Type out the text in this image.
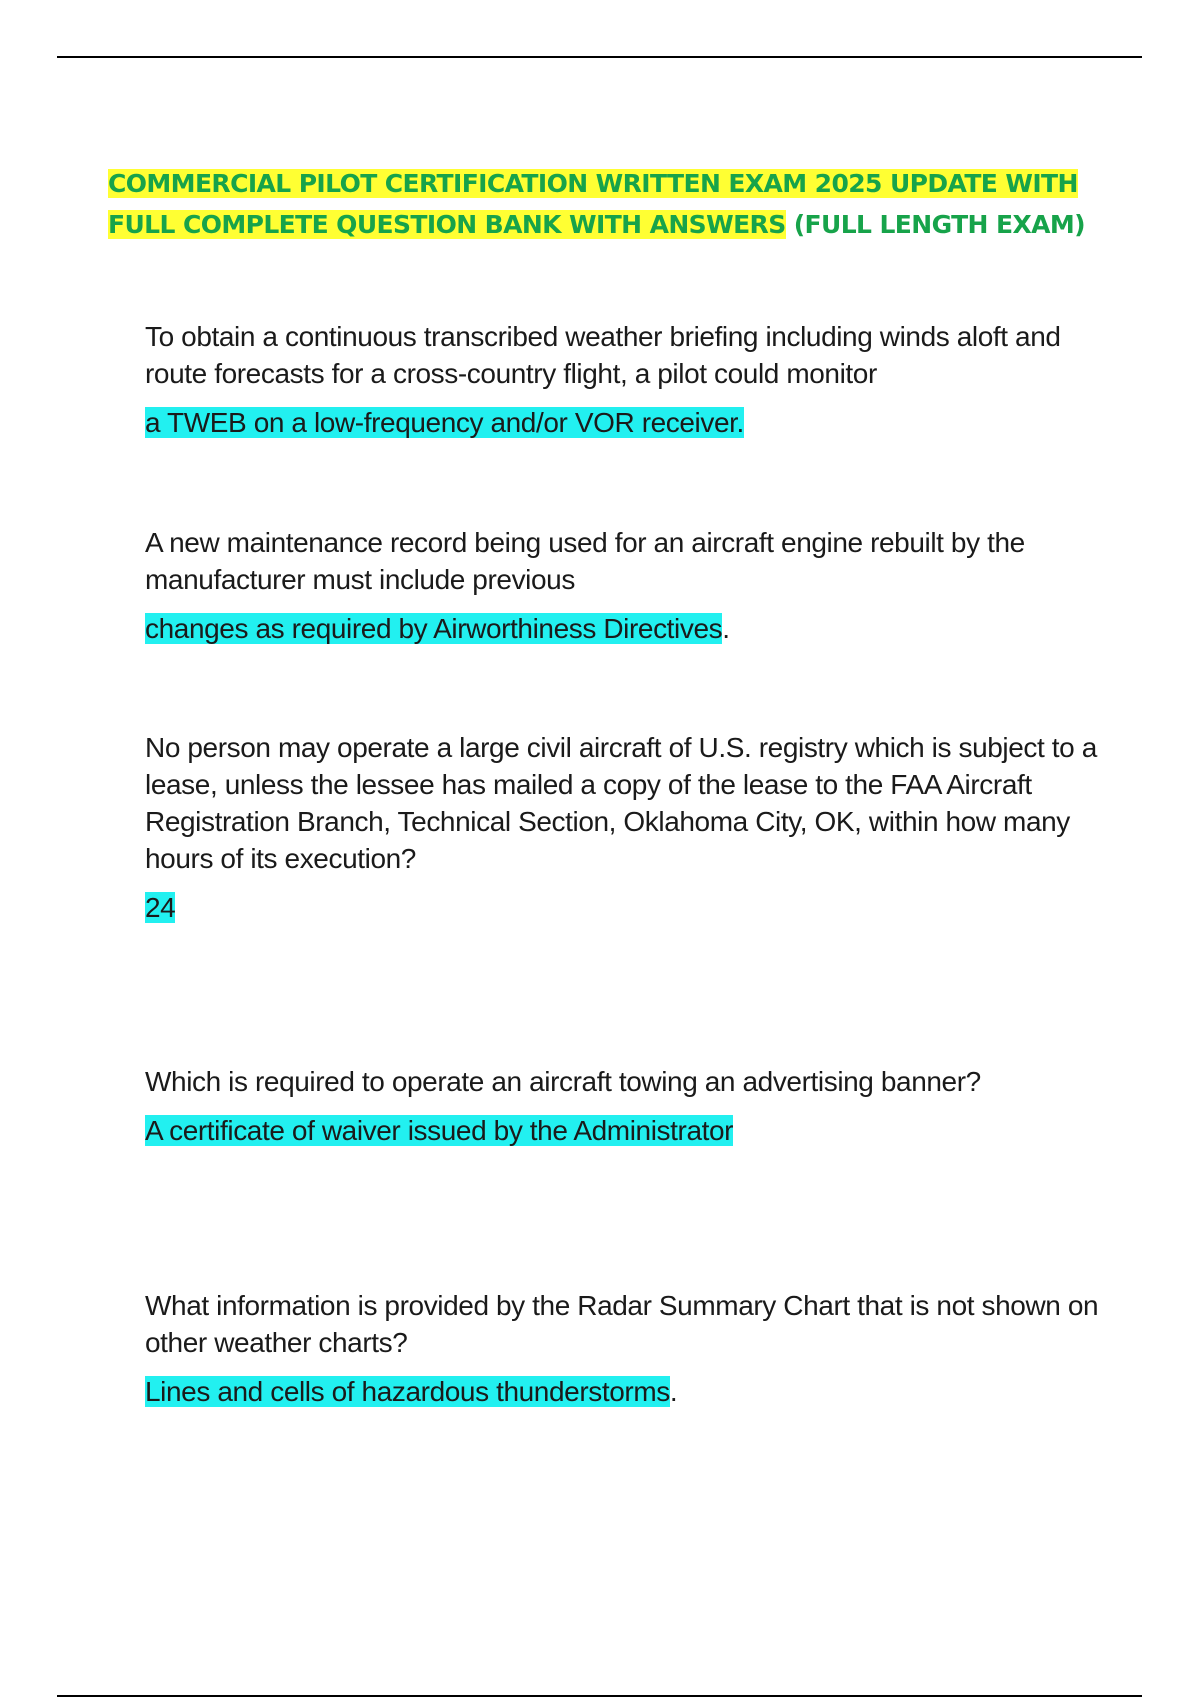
COMMERCIAL PILOT CERTIFICATION WRITTEN EXAM 2025 UPDATE WITH FULL COMPLETE QUESTION BANK WITH ANSWERS (FULL LENGTH EXAM)

To obtain a continuous transcribed weather briefing including winds aloft and route forecasts for a cross-country flight, a pilot could monitor

a TWEB on a low-frequency and/or VOR receiver.

A new maintenance record being used for an aircraft engine rebuilt by the manufacturer must include previous

changes as required by Airworthiness Directives.

No person may operate a large civil aircraft of U.S. registry which is subject to a lease, unless the lessee has mailed a copy of the lease to the FAA Aircraft Registration Branch, Technical Section, Oklahoma City, OK, within how many hours of its execution?

24

Which is required to operate an aircraft towing an advertising banner?

A certificate of waiver issued by the Administrator

What information is provided by the Radar Summary Chart that is not shown on other weather charts?

Lines and cells of hazardous thunderstorms.
